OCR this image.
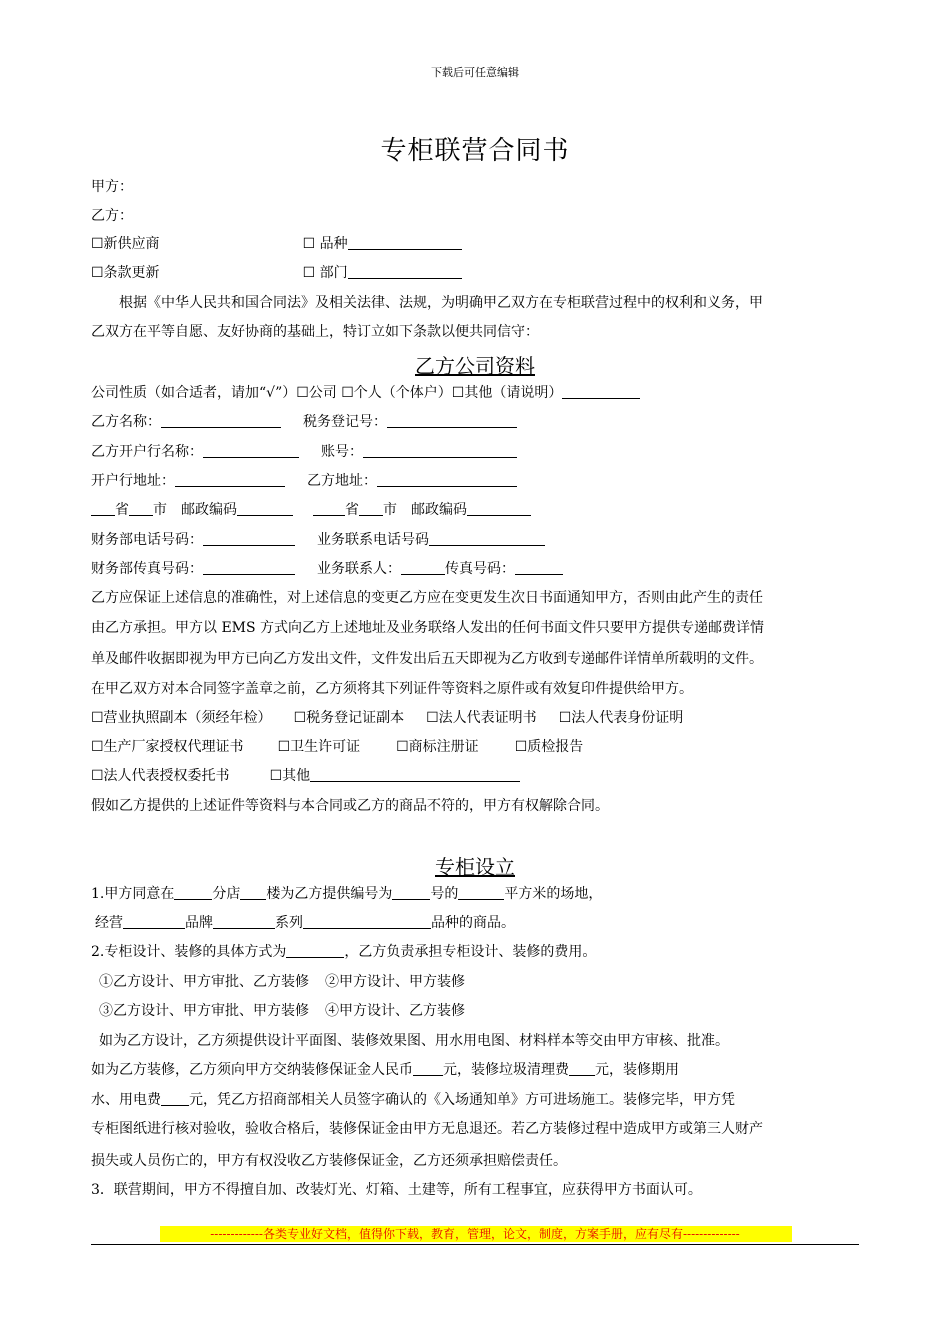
下载后可任意编辑
专柜联营合同书
甲方：
乙方：
☐新供应商	☐ 品种
☐条款更新	☐ 部门
根据《中华人民共和国合同法》及相关法律、法规，为明确甲乙双方在专柜联营过程中的权利和义务，甲
乙双方在平等自愿、友好协商的基础上，特订立如下条款以便共同信守：
乙方公司资料
公司性质（如合适者，请加“√”）☐公司 ☐个人（个体户）☐其他（请说明）
乙方名称：	税务登记号：
乙方开户行名称：	账号：
开户行地址：	乙方地址：
省 市 邮政编码	省 市 邮政编码
财务部电话号码：	业务联系电话号码
财务部传真号码：	业务联系人：	传真号码：
乙方应保证上述信息的准确性，对上述信息的变更乙方应在变更发生次日书面通知甲方，否则由此产生的责任
由乙方承担。甲方以 EMS 方式向乙方上述地址及业务联络人发出的任何书面文件只要甲方提供专递邮费详情
单及邮件收据即视为甲方已向乙方发出文件，文件发出后五天即视为乙方收到专递邮件详情单所载明的文件。
在甲乙双方对本合同签字盖章之前，乙方须将其下列证件等资料之原件或有效复印件提供给甲方。
☐营业执照副本（须经年检） ☐税务登记证副本 ☐法人代表证明书 ☐法人代表身份证明
☐生产厂家授权代理证书 ☐卫生许可证	☐商标注册证	☐质检报告
☐法人代表授权委托书	☐其他
假如乙方提供的上述证件等资料与本合同或乙方的商品不符的，甲方有权解除合同。
专柜设立
1.甲方同意在	分店 楼为乙方提供编号为	号的	平方米的场地，
经营	品牌	系列	品种的商品。
2.专柜设计、装修的具体方式为	，乙方负责承担专柜设计、装修的费用。
①乙方设计、甲方审批、乙方装修 ②甲方设计、甲方装修
③乙方设计、甲方审批、甲方装修 ④甲方设计、乙方装修
如为乙方设计，乙方须提供设计平面图、装修效果图、用水用电图、材料样本等交由甲方审核、批准。
如为乙方装修，乙方须向甲方交纳装修保证金人民币 元，装修垃圾清理费 元，装修期用
水、用电费 元，凭乙方招商部相关人员签字确认的《入场通知单》方可进场施工。装修完毕，甲方凭
专柜图纸进行核对验收，验收合格后，装修保证金由甲方无息退还。若乙方装修过程中造成甲方或第三人财产
损失或人员伤亡的，甲方有权没收乙方装修保证金，乙方还须承担赔偿责任。
3．联营期间，甲方不得擅自加、改装灯光、灯箱、土建等，所有工程事宜，应获得甲方书面认可。
-------------各类专业好文档，值得你下载，教育，管理，论文，制度，方案手册，应有尽有--------------
